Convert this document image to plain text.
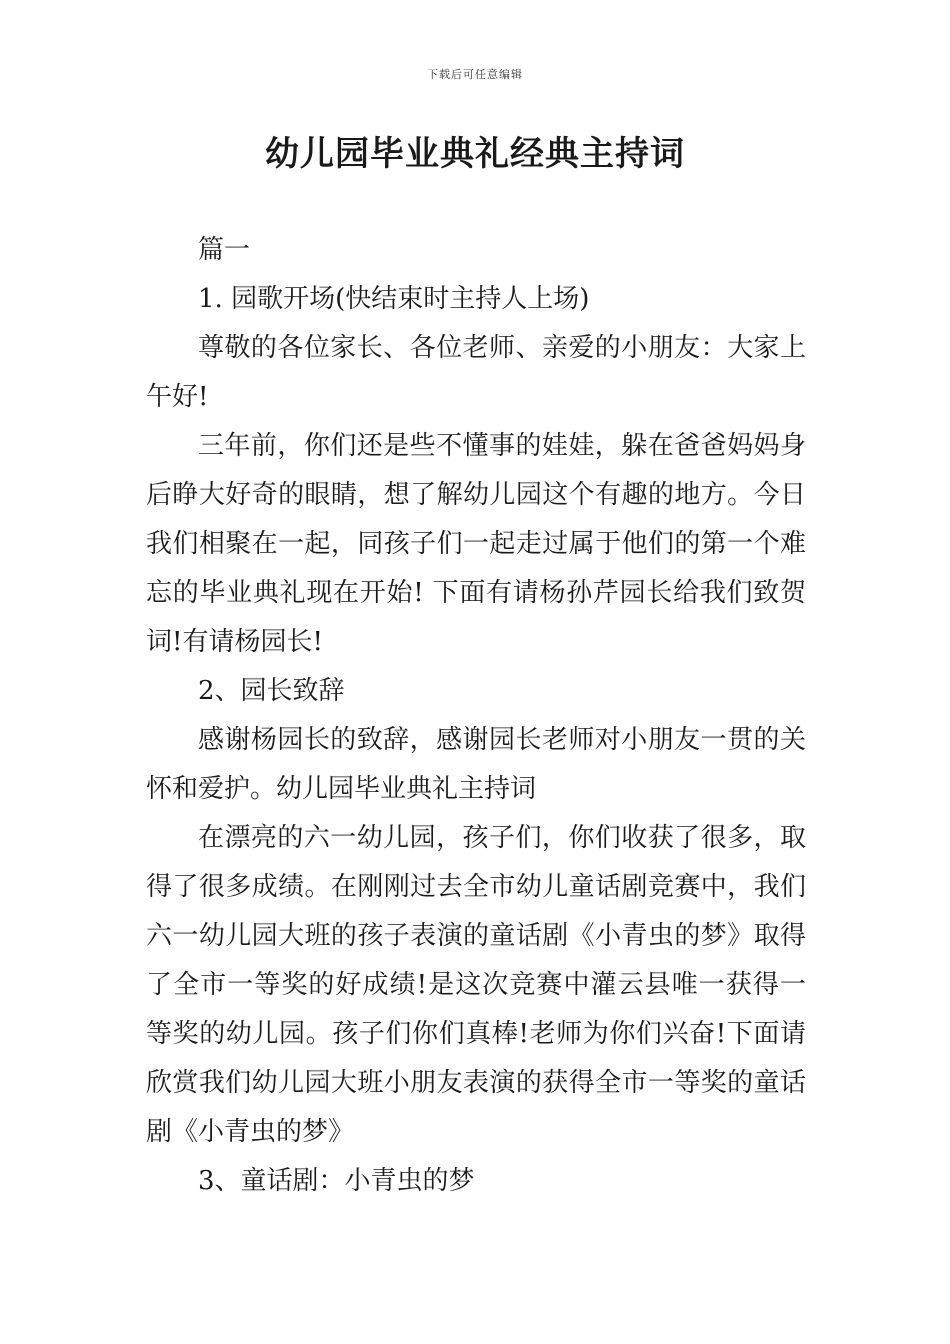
下载后可任意编辑
幼儿园毕业典礼经典主持词

篇一

1. 园歌开场(快结束时主持人上场)

尊敬的各位家长、各位老师、亲爱的小朋友：大家上午好!

三年前，你们还是些不懂事的娃娃，躲在爸爸妈妈身后睁大好奇的眼睛，想了解幼儿园这个有趣的地方。今日我们相聚在一起，同孩子们一起走过属于他们的第一个难忘的毕业典礼现在开始! 下面有请杨孙芹园长给我们致贺词!有请杨园长!

2、园长致辞

感谢杨园长的致辞，感谢园长老师对小朋友一贯的关怀和爱护。幼儿园毕业典礼主持词

在漂亮的六一幼儿园，孩子们，你们收获了很多，取得了很多成绩。在刚刚过去全市幼儿童话剧竞赛中，我们六一幼儿园大班的孩子表演的童话剧《小青虫的梦》取得了全市一等奖的好成绩!是这次竞赛中灌云县唯一获得一等奖的幼儿园。孩子们你们真棒!老师为你们兴奋!下面请欣赏我们幼儿园大班小朋友表演的获得全市一等奖的童话剧《小青虫的梦》

3、童话剧：小青虫的梦
